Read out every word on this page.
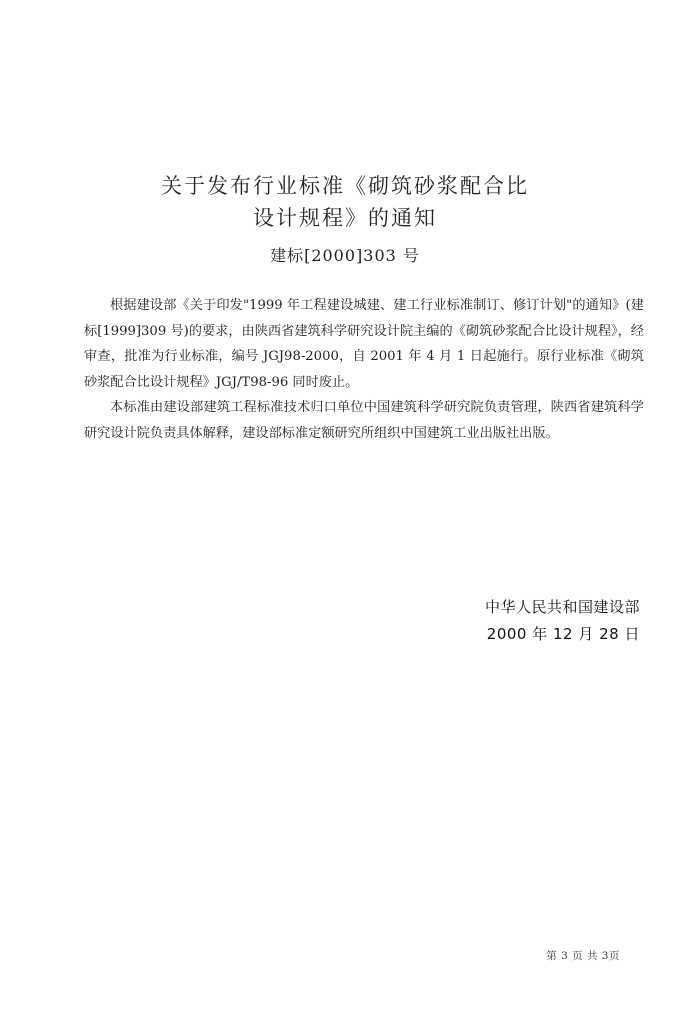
关于发布行业标准《砌筑砂浆配合比
设计规程》的通知
建标[2000]303 号

根据建设部《关于印发"1999 年工程建设城建、建工行业标准制订、修订计划"的通知》(建标[1999]309 号)的要求，由陕西省建筑科学研究设计院主编的《砌筑砂浆配合比设计规程》，经审查，批准为行业标准，编号 JGJ98-2000，自 2001 年 4 月 1 日起施行。原行业标准《砌筑砂浆配合比设计规程》JGJ/T98-96 同时废止。

本标准由建设部建筑工程标准技术归口单位中国建筑科学研究院负责管理，陕西省建筑科学研究设计院负责具体解释，建设部标准定额研究所组织中国建筑工业出版社出版。

中华人民共和国建设部
2000 年 12 月 28 日
第 3 页 共 3页
